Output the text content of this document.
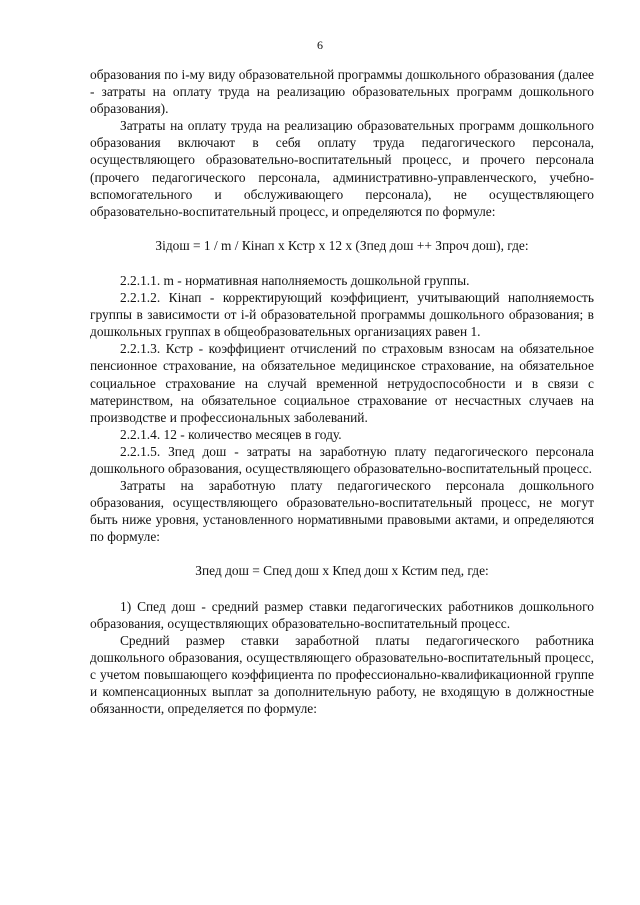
6

образования по i-му виду образовательной программы дошкольного образования (далее - затраты на оплату труда на реализацию образовательных программ дошкольного образования).

Затраты на оплату труда на реализацию образовательных программ дошкольного образования включают в себя оплату труда педагогического персонала, осуществляющего образовательно-воспитательный процесс, и прочего персонала (прочего педагогического персонала, административно-управленческого, учебно-вспомогательного и обслуживающего персонала), не осуществляющего образовательно-воспитательный процесс, и определяются по формуле:

Зідош = 1 / m / Кінап x Кстр x 12 x (Зпед дош ++ Зпроч дош), где:

2.2.1.1. m - нормативная наполняемость дошкольной группы.

2.2.1.2. Кінап - корректирующий коэффициент, учитывающий наполняемость группы в зависимости от i-й образовательной программы дошкольного образования; в дошкольных группах в общеобразовательных организациях равен 1.

2.2.1.3. Кстр - коэффициент отчислений по страховым взносам на обязательное пенсионное страхование, на обязательное медицинское страхование, на обязательное социальное страхование на случай временной нетрудоспособности и в связи с материнством, на обязательное социальное страхование от несчастных случаев на производстве и профессиональных заболеваний.

2.2.1.4. 12 - количество месяцев в году.

2.2.1.5. Зпед дош - затраты на заработную плату педагогического персонала дошкольного образования, осуществляющего образовательно-воспитательный процесс.

Затраты на заработную плату педагогического персонала дошкольного образования, осуществляющего образовательно-воспитательный процесс, не могут быть ниже уровня, установленного нормативными правовыми актами, и определяются по формуле:

Зпед дош = Спед дош x Кпед дош x Кстим пед, где:

1) Спед дош - средний размер ставки педагогических работников дошкольного образования, осуществляющих образовательно-воспитательный процесс.

Средний размер ставки заработной платы педагогического работника дошкольного образования, осуществляющего образовательно-воспитательный процесс, с учетом повышающего коэффициента по профессионально-квалификационной группе и компенсационных выплат за дополнительную работу, не входящую в должностные обязанности, определяется по формуле:
